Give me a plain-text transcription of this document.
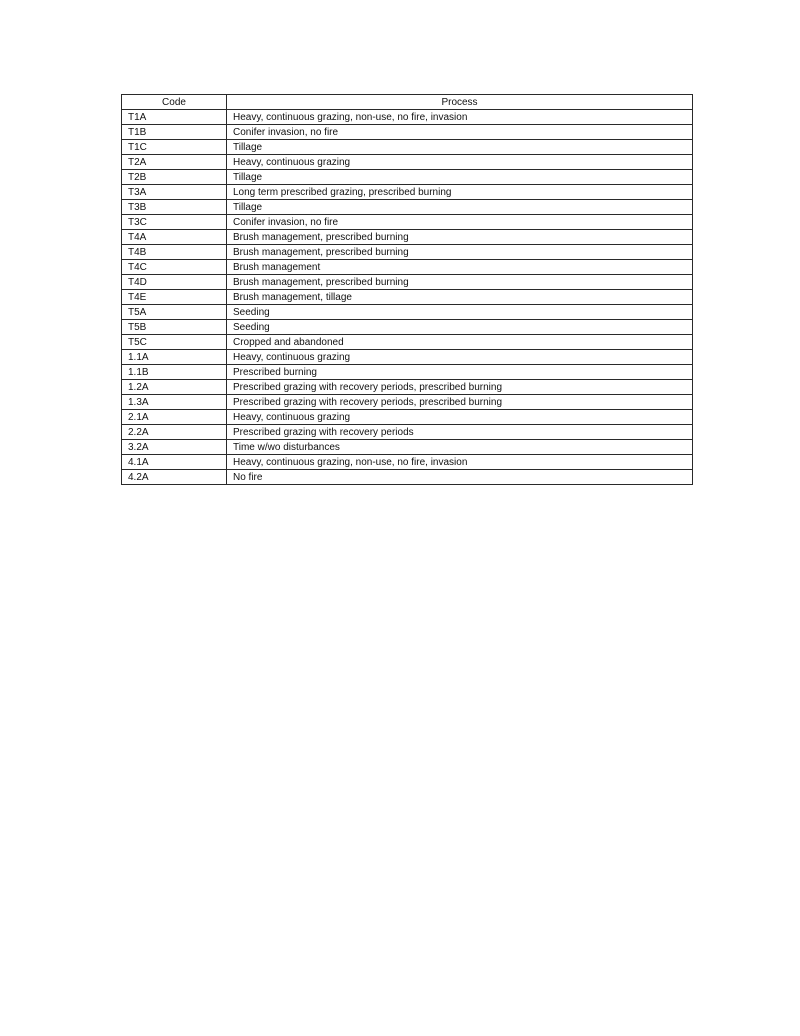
Code	Process
T1A	Heavy, continuous grazing, non-use, no fire, invasion
T1B	Conifer invasion, no fire
T1C	Tillage
T2A	Heavy, continuous grazing
T2B	Tillage
T3A	Long term prescribed grazing, prescribed burning
T3B	Tillage
T3C	Conifer invasion, no fire
T4A	Brush management, prescribed burning
T4B	Brush management, prescribed burning
T4C	Brush management
T4D	Brush management, prescribed burning
T4E	Brush management, tillage
T5A	Seeding
T5B	Seeding
T5C	Cropped and abandoned
1.1A	Heavy, continuous grazing
1.1B	Prescribed burning
1.2A	Prescribed grazing with recovery periods, prescribed burning
1.3A	Prescribed grazing with recovery periods, prescribed burning
2.1A	Heavy, continuous grazing
2.2A	Prescribed grazing with recovery periods
3.2A	Time w/wo disturbances
4.1A	Heavy, continuous grazing, non-use, no fire, invasion
4.2A	No fire
